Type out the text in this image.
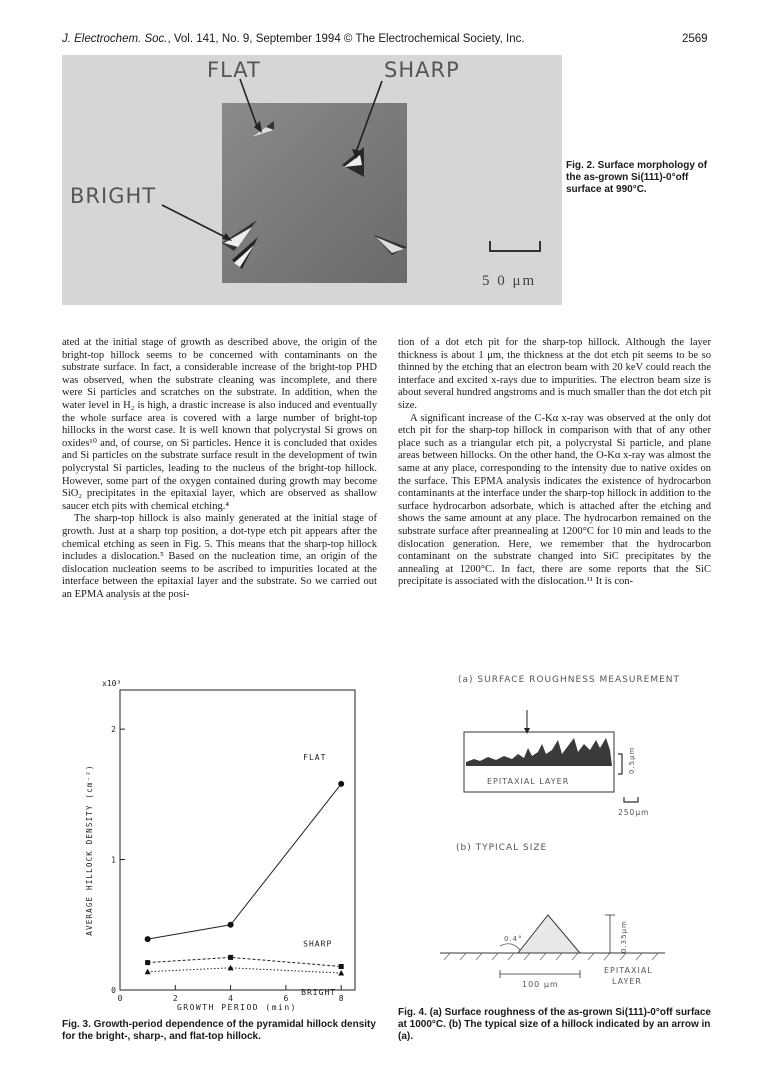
J. Electrochem. Soc., Vol. 141, No. 9, September 1994 © The Electrochemical Society, Inc.	2569
FLAT	SHARP
BRIGHT
5 0 μm
Fig. 2. Surface morphology of the as-grown Si(111)-0°off surface at 990°C.

ated at the initial stage of growth as described above, the origin of the bright-top hillock seems to be concerned with contaminants on the substrate surface. In fact, a considerable increase of the bright-top PHD was observed, when the substrate cleaning was incomplete, and there were Si particles and scratches on the substrate. In addition, when the water level in H₂ is high, a drastic increase is also induced and eventually the whole surface area is covered with a large number of bright-top hillocks in the worst case. It is well known that polycrystal Si grows on oxides¹⁰ and, of course, on Si particles. Hence it is concluded that oxides and Si particles on the substrate surface result in the development of twin polycrystal Si particles, leading to the nucleus of the bright-top hillock. However, some part of the oxygen contained during growth may become SiO₂ precipitates in the epitaxial layer, which are observed as shallow saucer etch pits with chemical etching.⁴

The sharp-top hillock is also mainly generated at the initial stage of growth. Just at a sharp top position, a dot-type etch pit appears after the chemical etching as seen in Fig. 5. This means that the sharp-top hillock includes a dislocation.⁵ Based on the nucleation time, an origin of the dislocation nucleation seems to be ascribed to impurities located at the interface between the epitaxial layer and the substrate. So we carried out an EPMA analysis at the posi-

tion of a dot etch pit for the sharp-top hillock. Although the layer thickness is about 1 μm, the thickness at the dot etch pit seems to be so thinned by the etching that an electron beam with 20 keV could reach the interface and excited x-rays due to impurities. The electron beam size is about several hundred angstroms and is much smaller than the dot etch pit size.

A significant increase of the C-Kα x-ray was observed at the only dot etch pit for the sharp-top hillock in comparison with that of any other place such as a triangular etch pit, a polycrystal Si particle, and plane areas between hillocks. On the other hand, the O-Kα x-ray was almost the same at any place, corresponding to the intensity due to native oxides on the surface. This EPMA analysis indicates the existence of hydrocarbon contaminants at the interface under the sharp-top hillock in addition to the surface hydrocarbon adsorbate, which is attached after the etching and shows the same amount at any place. The hydrocarbon remained on the substrate surface after preannealing at 1200°C for 10 min and leads to the dislocation generation. Here, we remember that the hydrocarbon contaminant on the substrate changed into SiC precipitates by the annealing at 1200°C. In fact, there are some reports that the SiC precipitate is associated with the dislocation.¹¹ It is con-

0	2	4	6	8
0
1
2
FLAT
SHARP
BRIGHT
x10³
GROWTH PERIOD (min)
AVERAGE HILLOCK DENSITY (cm⁻²)
Fig. 3. Growth-period dependence of the pyramidal hillock density for the bright-, sharp-, and flat-top hillock.
(a) SURFACE ROUGHNESS MEASUREMENT
EPITAXIAL LAYER
0.5μm
250μm
(b) TYPICAL SIZE
0.4°	0.35μm
100 μm
EPITAXIAL
LAYER
Fig. 4. (a) Surface roughness of the as-grown Si(111)-0°off surface at 1000°C. (b) The typical size of a hillock indicated by an arrow in (a).
